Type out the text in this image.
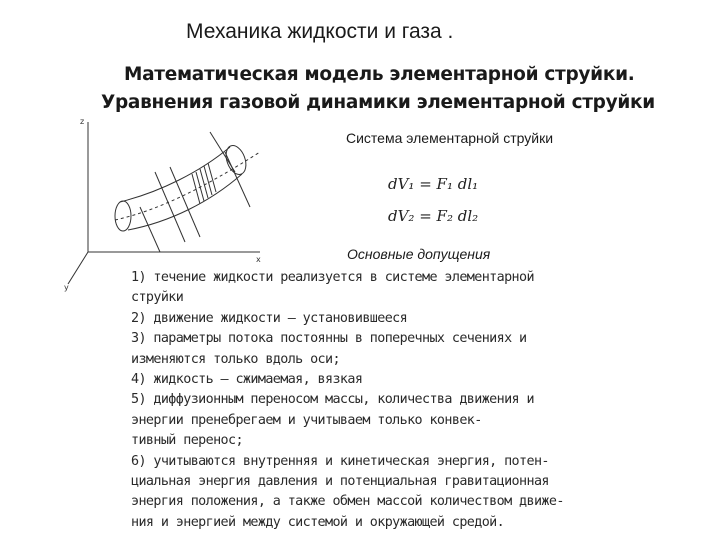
Механика жидкости и газа .
Математическая модель элементарной струйки.
Уравнения газовой динамики элементарной струйки
z
x
y
Система элементарной струйки
dV₁ = F₁ dl₁
dV₂ = F₂ dl₂
Основные допущения
1) течение жидкости реализуется в системе элементарной
струйки
2) движение жидкости — установившееся
3) параметры потока постоянны в поперечных сечениях и
изменяются только вдоль оси;
4) жидкость — сжимаемая, вязкая
5) диффузионным переносом массы, количества движения и
энергии пренебрегаем и учитываем только конвек-
тивный перенос;
6) учитываются внутренняя и кинетическая энергия, потен-
циальная энергия давления и потенциальная гравитационная
энергия положения, а также обмен массой количеством движе-
ния и энергией между системой и окружающей средой.
